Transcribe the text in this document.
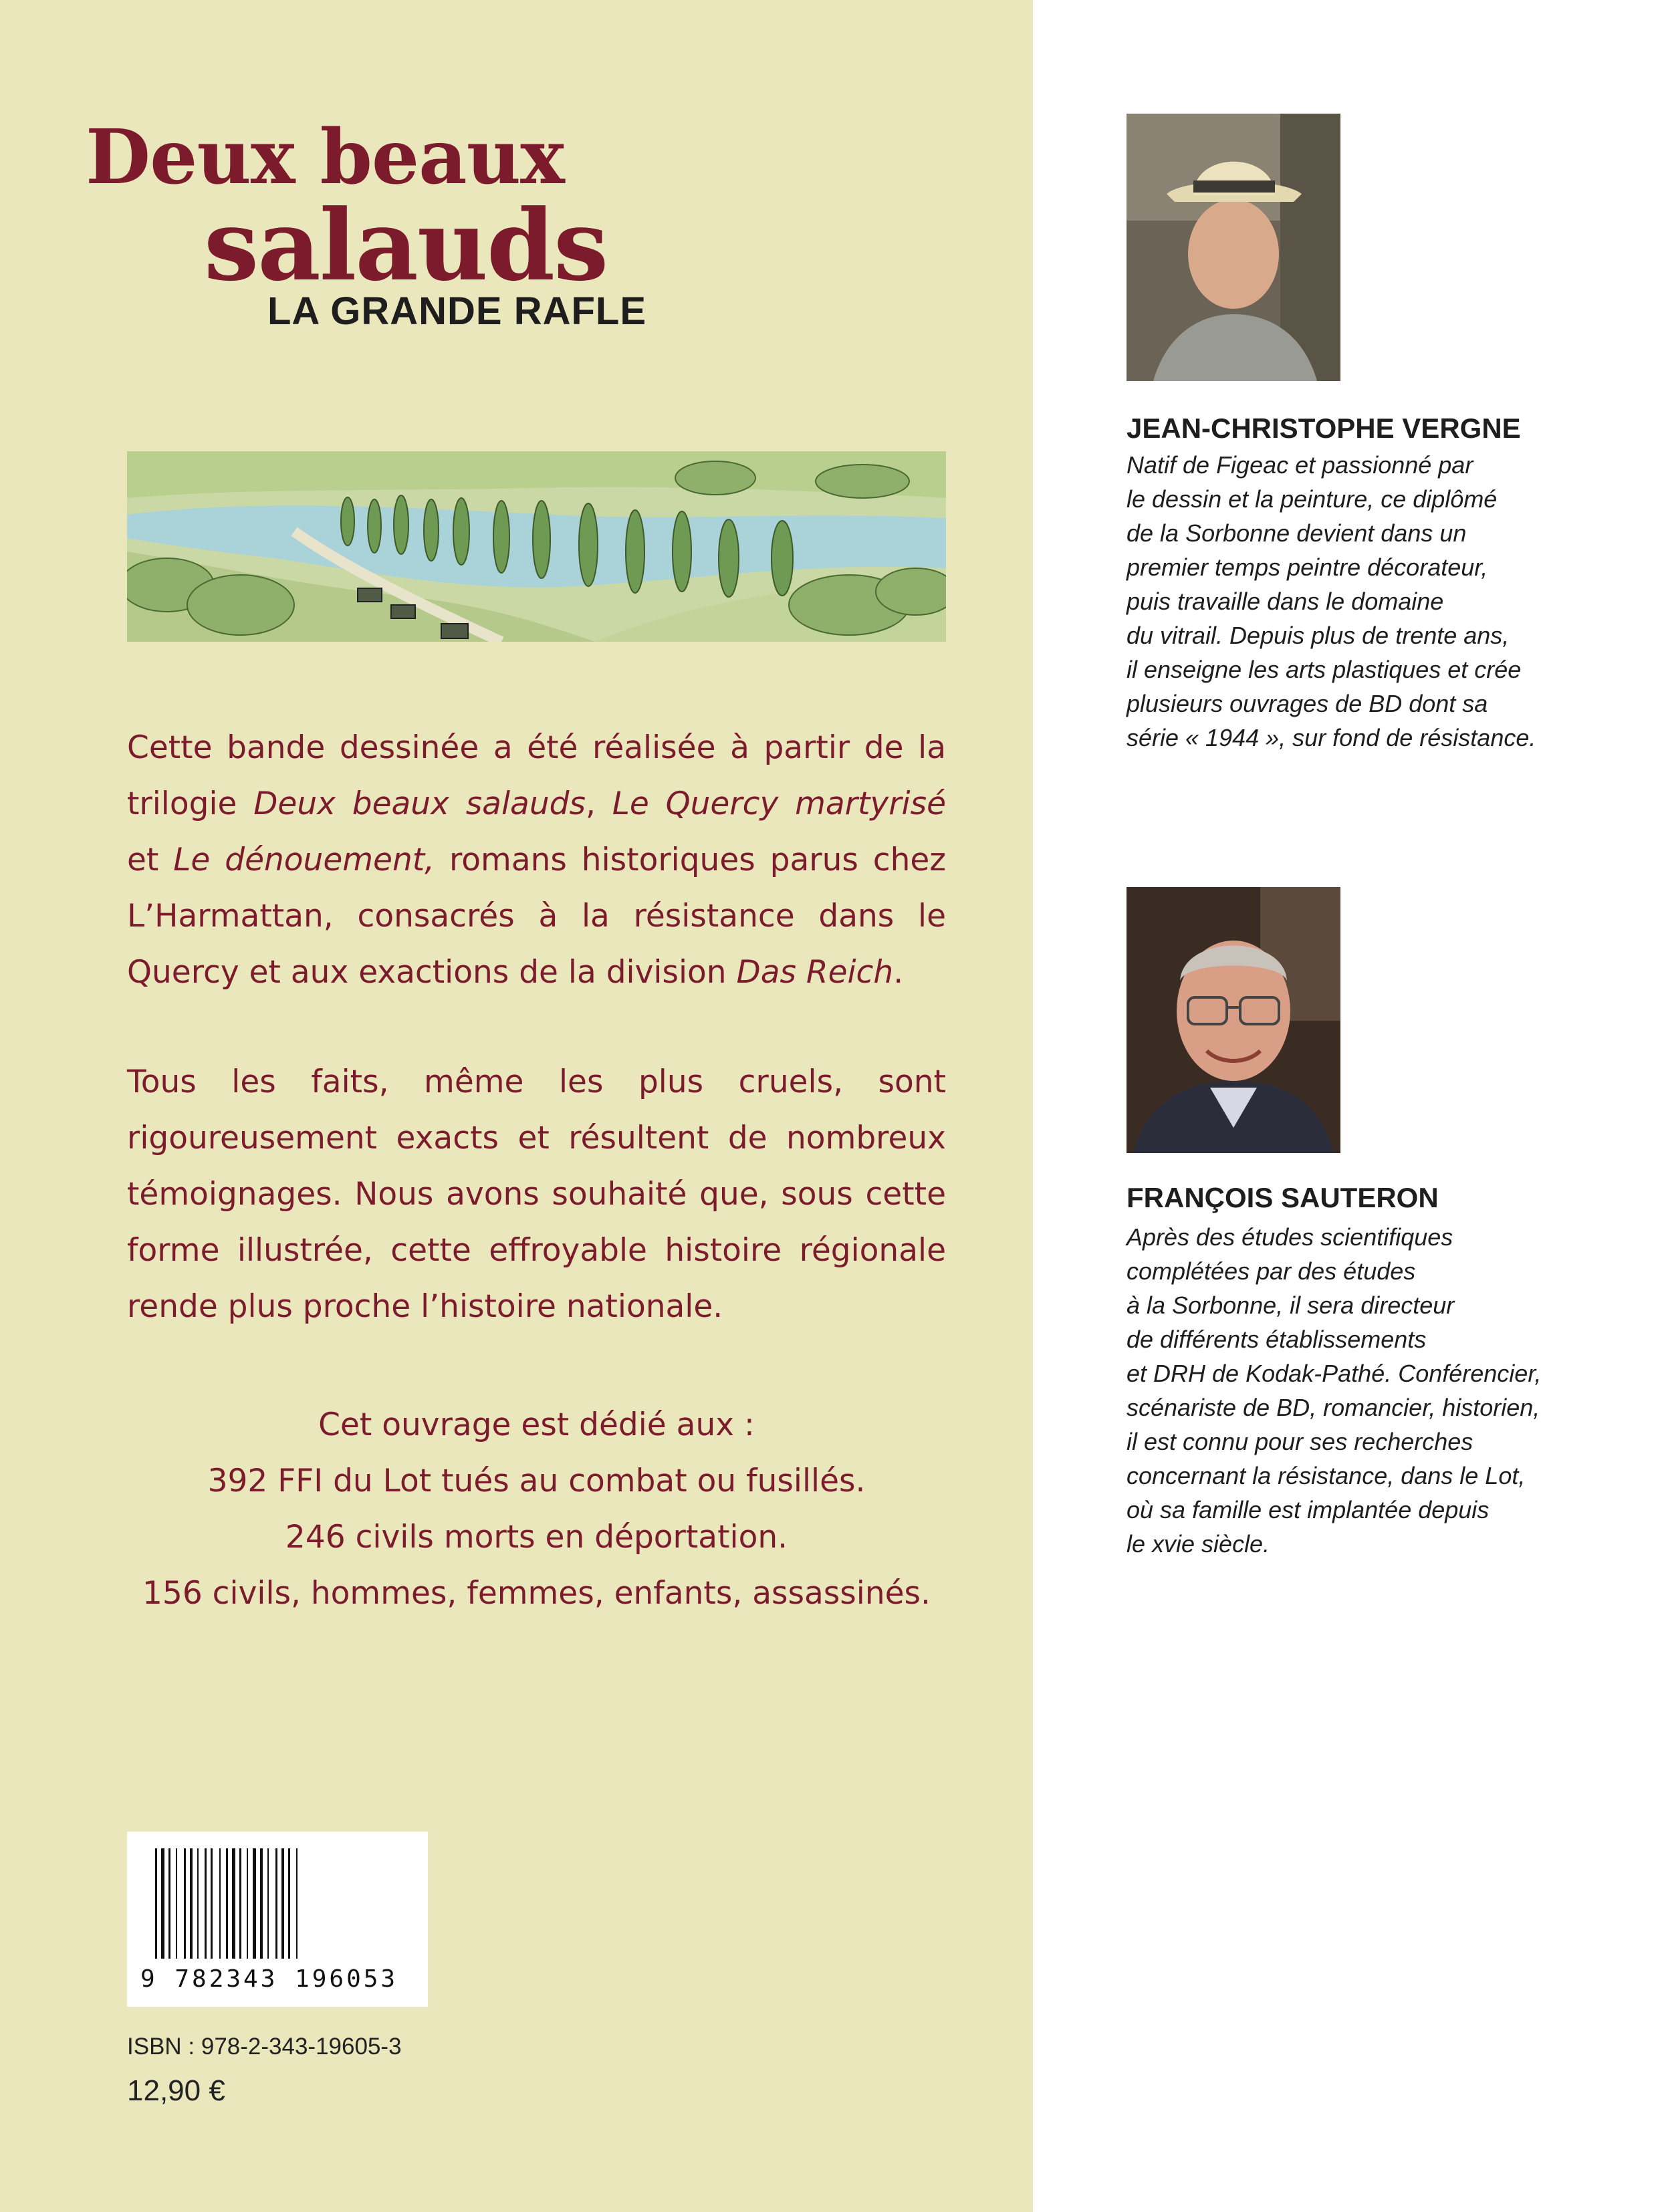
Deux beaux
salauds
LA GRANDE RAFLE
Cette bande dessinée a été réalisée à partir de la trilogie Deux beaux salauds, Le Quercy martyrisé et Le dénouement, romans historiques parus chez L’Harmattan, consacrés à la résistance dans le Quercy et aux exactions de la division Das Reich.
Tous les faits, même les plus cruels, sont rigoureusement exacts et résultent de nombreux témoignages. Nous avons souhaité que, sous cette forme illustrée, cette effroyable histoire régionale rende plus proche l’histoire nationale.
Cet ouvrage est dédié aux :
392 FFI du Lot tués au combat ou fusillés.
246 civils morts en déportation.
156 civils, hommes, femmes, enfants, assassinés.
9 782343 196053
ISBN : 978-2-343-19605-3
12,90 €
JEAN-CHRISTOPHE VERGNE
Natif de Figeac et passionné par
le dessin et la peinture, ce diplômé
de la Sorbonne devient dans un
premier temps peintre décorateur,
puis travaille dans le domaine
du vitrail. Depuis plus de trente ans,
il enseigne les arts plastiques et crée
plusieurs ouvrages de BD dont sa
série « 1944 », sur fond de résistance.
FRANÇOIS SAUTERON
Après des études scientifiques
complétées par des études
à la Sorbonne, il sera directeur
de différents établissements
et DRH de Kodak-Pathé. Conférencier,
scénariste de BD, romancier, historien,
il est connu pour ses recherches
concernant la résistance, dans le Lot,
où sa famille est implantée depuis
le xvie siècle.
